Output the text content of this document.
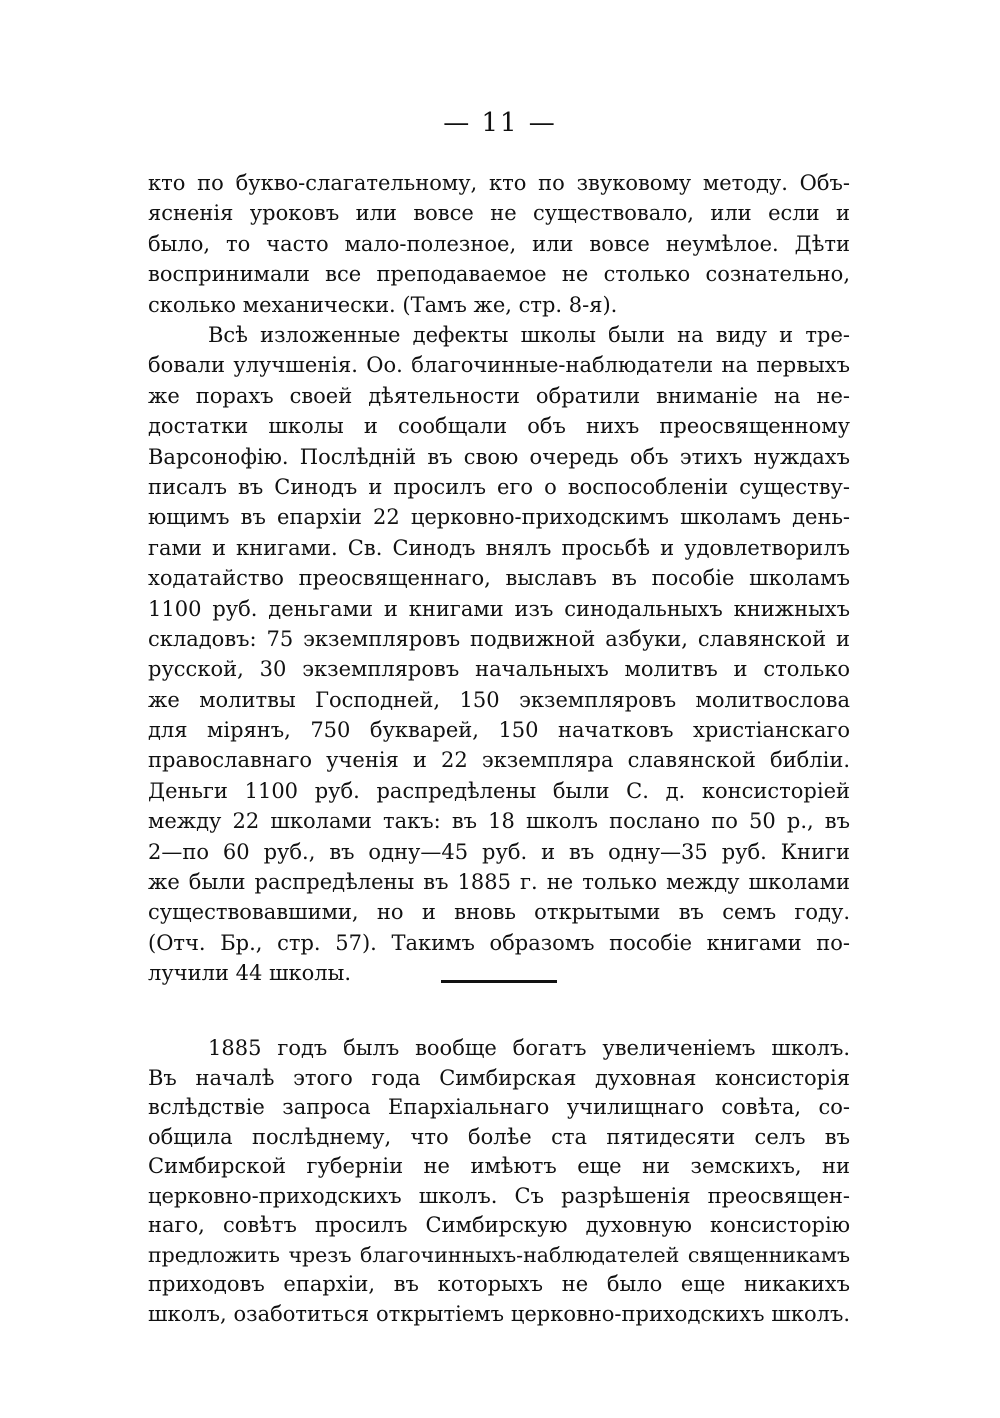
— 11 —
кто по букво-слагательному, кто по звуковому методу. Объ-
ясненія уроковъ или вовсе не существовало, или если и
было, то часто мало-полезное, или вовсе неумѣлое. Дѣти
воспринимали все преподаваемое не столько сознательно,
сколько механически. (Тамъ же, стр. 8-я).
Всѣ изложенные дефекты школы были на виду и тре-
бовали улучшенія. Оо. благочинные-наблюдатели на первыхъ
же порахъ своей дѣятельности обратили вниманіе на не-
достатки школы и сообщали объ нихъ преосвященному
Варсонофію. Послѣдній въ свою очередь объ этихъ нуждахъ
писалъ въ Синодъ и просилъ его о воспособленіи существу-
ющимъ въ епархіи 22 церковно-приходскимъ школамъ день-
гами и книгами. Св. Синодъ внялъ просьбѣ и удовлетворилъ
ходатайство преосвященнаго, выславъ въ пособіе школамъ
1100 руб. деньгами и книгами изъ синодальныхъ книжныхъ
складовъ: 75 экземпляровъ подвижной азбуки, славянской и
русской, 30 экземпляровъ начальныхъ молитвъ и столько
же молитвы Господней, 150 экземпляровъ молитвослова
для мірянъ, 750 букварей, 150 начатковъ христіанскаго
православнаго ученія и 22 экземпляра славянской библіи.
Деньги 1100 руб. распредѣлены были С. д. консисторіей
между 22 школами такъ: въ 18 школъ послано по 50 р., въ
2—по 60 руб., въ одну—45 руб. и въ одну—35 руб. Книги
же были распредѣлены въ 1885 г. не только между школами
существовавшими, но и вновь открытыми въ семъ году.
(Отч. Бр., стр. 57). Такимъ образомъ пособіе книгами по-
лучили 44 школы.
1885 годъ былъ вообще богатъ увеличеніемъ школъ.
Въ началѣ этого года Симбирская духовная консисторія
вслѣдствіе запроса Епархіальнаго училищнаго совѣта, со-
общила послѣднему, что болѣе ста пятидесяти селъ въ
Симбирской губерніи не имѣютъ еще ни земскихъ, ни
церковно-приходскихъ школъ. Съ разрѣшенія преосвящен-
наго, совѣтъ просилъ Симбирскую духовную консисторію
предложить чрезъ благочинныхъ-наблюдателей священникамъ
приходовъ епархіи, въ которыхъ не было еще никакихъ
школъ, озаботиться открытіемъ церковно-приходскихъ школъ.
